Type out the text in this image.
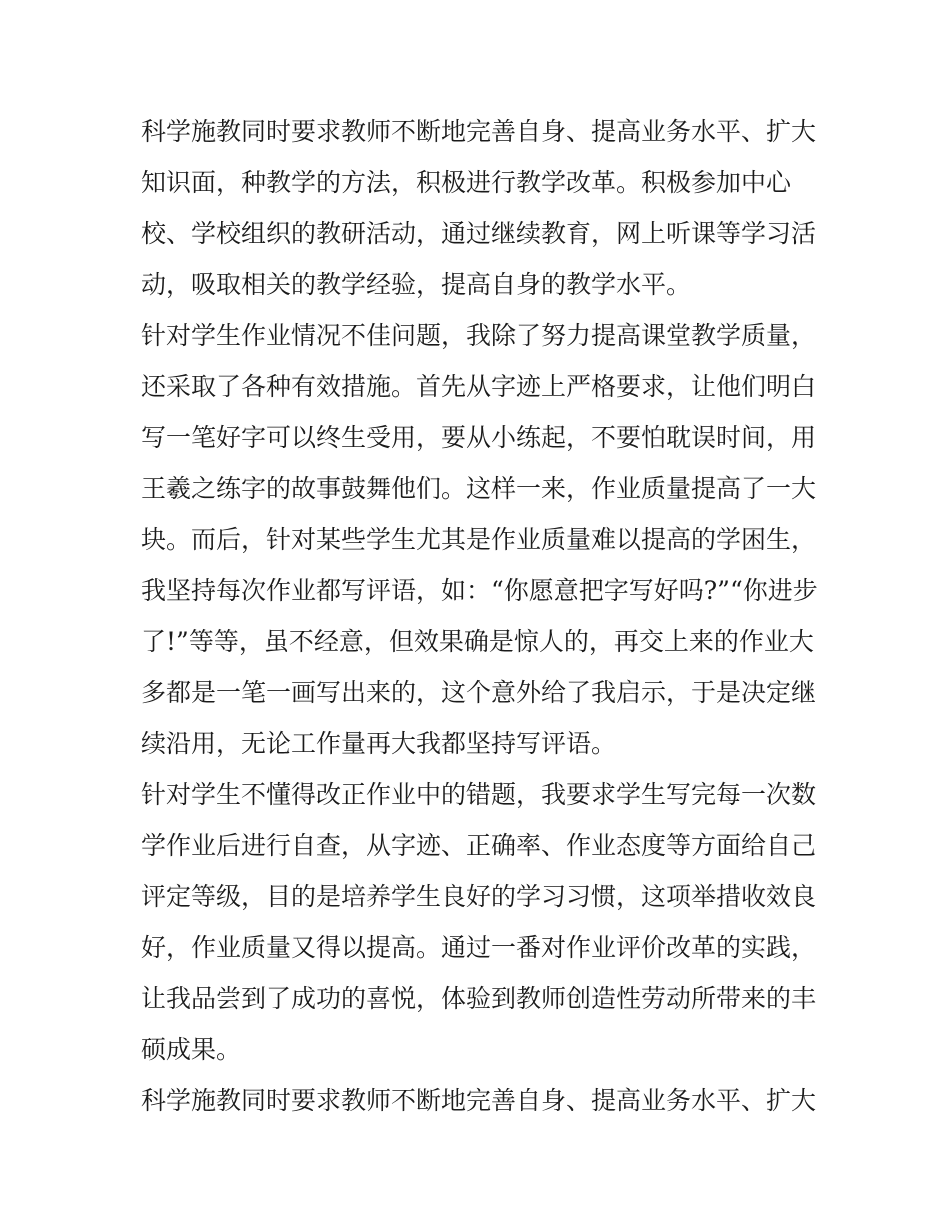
科学施教同时要求教师不断地完善自身、提高业务水平、扩大
知识面，种教学的方法，积极进行教学改革。积极参加中心
校、学校组织的教研活动，通过继续教育，网上听课等学习活
动，吸取相关的教学经验，提高自身的教学水平。

针对学生作业情况不佳问题，我除了努力提高课堂教学质量，
还采取了各种有效措施。首先从字迹上严格要求，让他们明白
写一笔好字可以终生受用，要从小练起，不要怕耽误时间，用
王羲之练字的故事鼓舞他们。这样一来，作业质量提高了一大
块。而后，针对某些学生尤其是作业质量难以提高的学困生，
我坚持每次作业都写评语，如：“你愿意把字写好吗?”“你进步
了!”等等，虽不经意，但效果确是惊人的，再交上来的作业大
多都是一笔一画写出来的，这个意外给了我启示，于是决定继
续沿用，无论工作量再大我都坚持写评语。

针对学生不懂得改正作业中的错题，我要求学生写完每一次数
学作业后进行自查，从字迹、正确率、作业态度等方面给自己
评定等级，目的是培养学生良好的学习习惯，这项举措收效良
好，作业质量又得以提高。通过一番对作业评价改革的实践，
让我品尝到了成功的喜悦，体验到教师创造性劳动所带来的丰
硕成果。

科学施教同时要求教师不断地完善自身、提高业务水平、扩大
